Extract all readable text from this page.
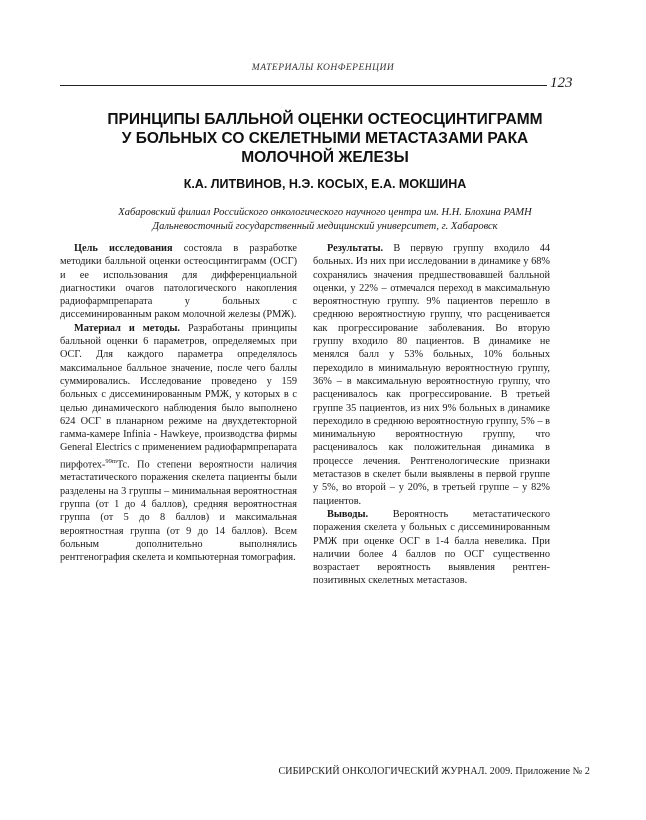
МАТЕРИАЛЫ КОНФЕРЕНЦИИ
123
ПРИНЦИПЫ БАЛЛЬНОЙ ОЦЕНКИ ОСТЕОСЦИНТИГРАММ
У БОЛЬНЫХ СО СКЕЛЕТНЫМИ МЕТАСТАЗАМИ РАКА
МОЛОЧНОЙ ЖЕЛЕЗЫ
К.А. ЛИТВИНОВ, Н.Э. КОСЫХ, Е.А. МОКШИНА
Хабаровский филиал Российского онкологического научного центра им. Н.Н. Блохина РАМН
Дальневосточный государственный медицинский университет, г. Хабаровск

Цель исследования состояла в разработке методики балльной оценки остеосцинтиграмм (ОСГ) и ее использования для дифференциальной диагностики очагов патологического накопления радиофармпрепарата у больных с диссеминированным раком молочной железы (РМЖ).

Материал и методы. Разработаны принципы балльной оценки 6 параметров, определяемых при ОСГ. Для каждого параметра определялось максимальное балльное значение, после чего баллы суммировались. Исследование проведено у 159 больных с диссеминированным РМЖ, у которых в с целью динамического наблюдения было выполнено 624 ОСГ в планарном режиме на двухдетекторной гамма-камере Infinia - Hawkeye, производства фирмы General Electrics с применением радиофармпрепарата пирфотех-$^{99m}$Tc. По степени вероятности наличия метастатического поражения скелета пациенты были разделены на 3 группы – минимальная вероятностная группа (от 1 до 4 баллов), средняя вероятностная группа (от 5 до 8 баллов) и максимальная вероятностная группа (от 9 до 14 баллов). Всем больным дополнительно выполнялись рентгенография скелета и компьютерная томография.

Результаты. В первую группу входило 44 больных. Из них при исследовании в динамике у 68% сохранялись значения предшествовавшей балльной оценки, у 22% – отмечался переход в максимальную вероятностную группу. 9% пациентов перешло в среднюю вероятностную группу, что расценивается как прогрессирование заболевания. Во вторую группу входило 80 пациентов. В динамике не менялся балл у 53% больных, 10% больных переходило в минимальную вероятностную группу, 36% – в максимальную вероятностную группу, что расценивалось как прогрессирование. В третьей группе 35 пациентов, из них 9% больных в динамике переходило в среднюю вероятностную группу, 5% – в минимальную вероятностную группу, что расценивалось как положительная динамика в процессе лечения. Рентгенологические признаки метастазов в скелет были выявлены в первой группе у 5%, во второй – у 20%, в третьей группе – у 82% пациентов.

Выводы. Вероятность метастатического поражения скелета у больных с диссеминированным РМЖ при оценке ОСГ в 1-4 балла невелика. При наличии более 4 баллов по ОСГ существенно возрастает вероятность выявления рентген-позитивных скелетных метастазов.

СИБИРСКИЙ ОНКОЛОГИЧЕСКИЙ ЖУРНАЛ. 2009. Приложение № 2
